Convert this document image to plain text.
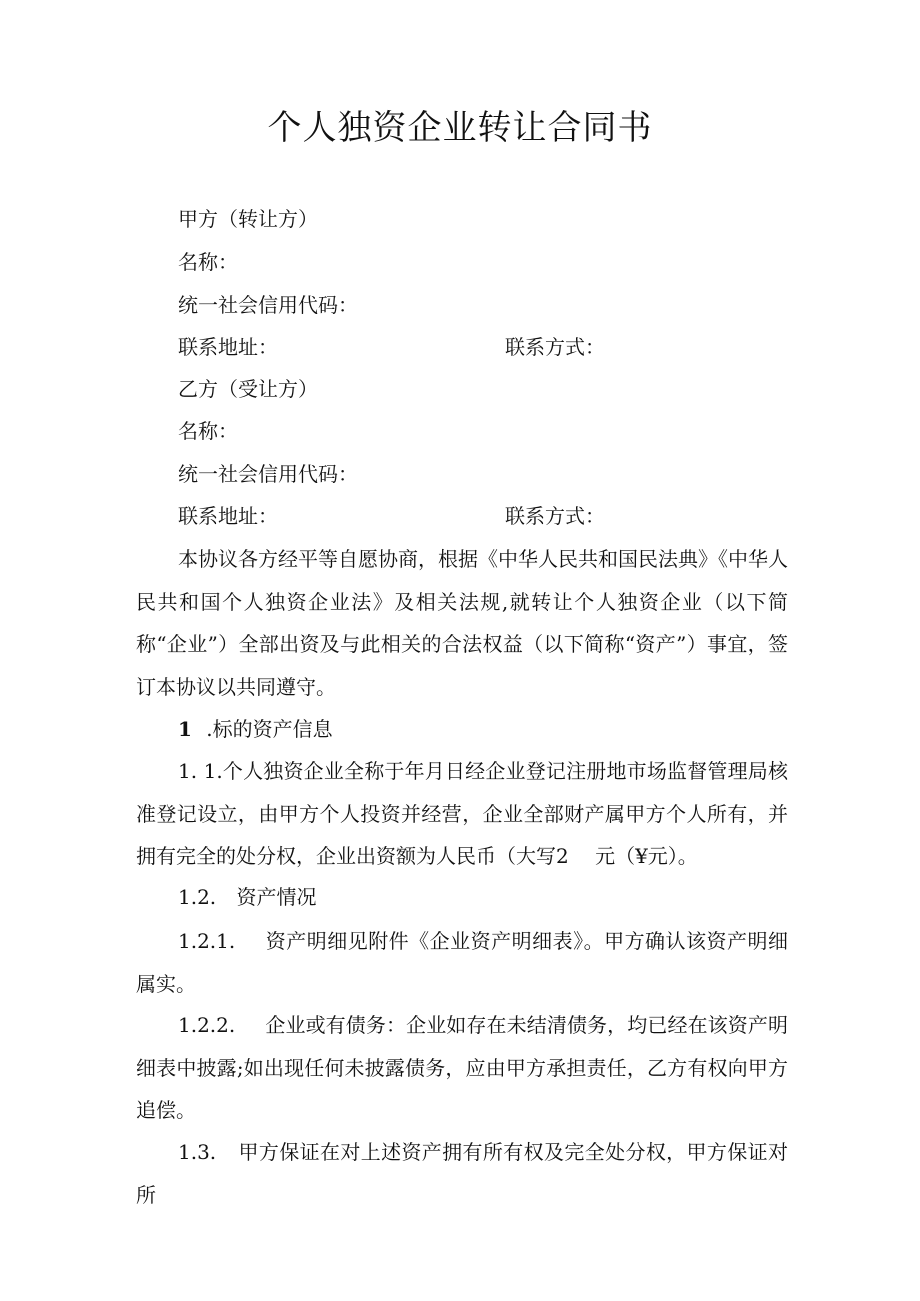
个人独资企业转让合同书
甲方（转让方）
名称：
统一社会信用代码：
联系地址：	联系方式：
乙方（受让方）
名称：
统一社会信用代码：
联系地址：	联系方式：
本协议各方经平等自愿协商，根据《中华人民共和国民法典》《中华人民共和国个人独资企业法》及相关法规,就转让个人独资企业（以下简称“企业”）全部出资及与此相关的合法权益（以下简称“资产”）事宜，签订本协议以共同遵守。
1 .标的资产信息
1. 1.个人独资企业全称于年月日经企业登记注册地市场监督管理局核准登记设立，由甲方个人投资并经营，企业全部财产属甲方个人所有，并拥有完全的处分权，企业出资额为人民币（大写2　 元（¥元）。
1.2. 资产情况
1.2.1. 资产明细见附件《企业资产明细表》。甲方确认该资产明细属实。
1.2.2. 企业或有债务：企业如存在未结清债务，均已经在该资产明细表中披露;如出现任何未披露债务，应由甲方承担责任，乙方有权向甲方追偿。
1.3. 甲方保证在对上述资产拥有所有权及完全处分权，甲方保证对所
